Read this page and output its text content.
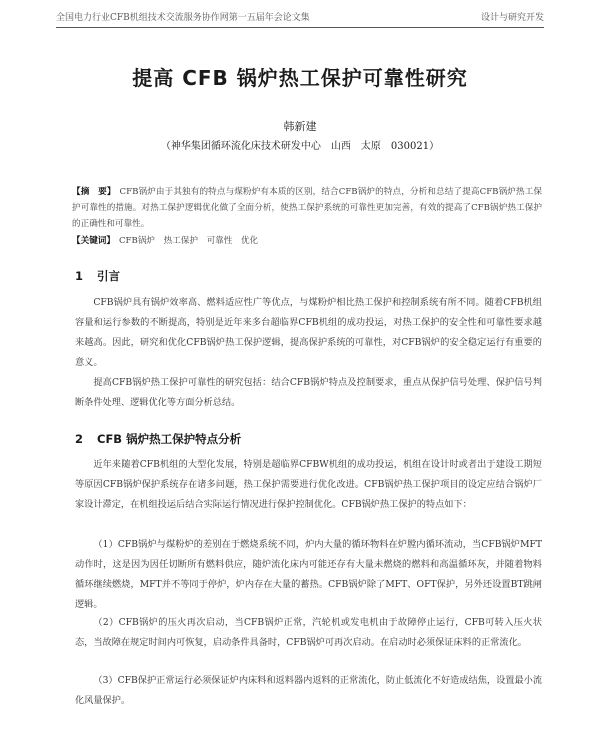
全国电力行业CFB机组技术交流服务协作网第一五届年会论文集	设计与研究开发
提高 CFB 锅炉热工保护可靠性研究
韩新建
（神华集团循环流化床技术研发中心　山西　太原　030021）
【摘　要】 CFB锅炉由于其独有的特点与煤粉炉有本质的区别，结合CFB锅炉的特点，分析和总结了提高CFB锅炉热工保护可靠性的措施。对热工保护逻辑优化做了全面分析，使热工保护系统的可靠性更加完善，有效的提高了CFB锅炉热工保护的正确性和可靠性。
【关键词】 CFB锅炉　热工保护　可靠性　优化
1 引言

CFB锅炉具有锅炉效率高、燃料适应性广等优点，与煤粉炉相比热工保护和控制系统有所不同。随着CFB机组容量和运行参数的不断提高，特别是近年来多台超临界CFB机组的成功投运，对热工保护的安全性和可靠性要求越来越高。因此，研究和优化CFB锅炉热工保护逻辑，提高保护系统的可靠性，对CFB锅炉的安全稳定运行有重要的意义。

提高CFB锅炉热工保护可靠性的研究包括：结合CFB锅炉特点及控制要求，重点从保护信号处理、保护信号判断条件处理、逻辑优化等方面分析总结。

2 CFB 锅炉热工保护特点分析

近年来随着CFB机组的大型化发展，特别是超临界CFBW机组的成功投运，机组在设计时或者出于建设工期短等原因CFB锅炉保护系统存在诸多问题，热工保护需要进行优化改进。CFB锅炉热工保护项目的设定应结合锅炉厂家设计滞定，在机组投运后结合实际运行情况进行保护控制优化。CFB锅炉热工保护的特点如下：

（1）CFB锅炉与煤粉炉的差别在于燃烧系统不同，炉内大量的循环物料在炉膛内循环流动，当CFB锅炉MFT动作时，这是因为因任切断所有燃料供应，随炉流化床内可能还存有大量未燃烧的燃料和高温循环灰，并随着物料循环继续燃烧，MFT并不等同于停炉，炉内存在大量的蓄热。CFB锅炉除了MFT、OFT保护，另外还设置BT跳闸逻辑。

（2）CFB锅炉的压火再次启动，当CFB锅炉正常，汽轮机或发电机由于故障停止运行，CFB可转入压火状态，当故障在规定时间内可恢复，启动条件具备时，CFB锅炉可再次启动。在启动时必须保证床料的正常流化。

（3）CFB保护正常运行必须保证炉内床料和返料器内返料的正常流化，防止低流化不好造成结焦，设置最小流化风量保护。
